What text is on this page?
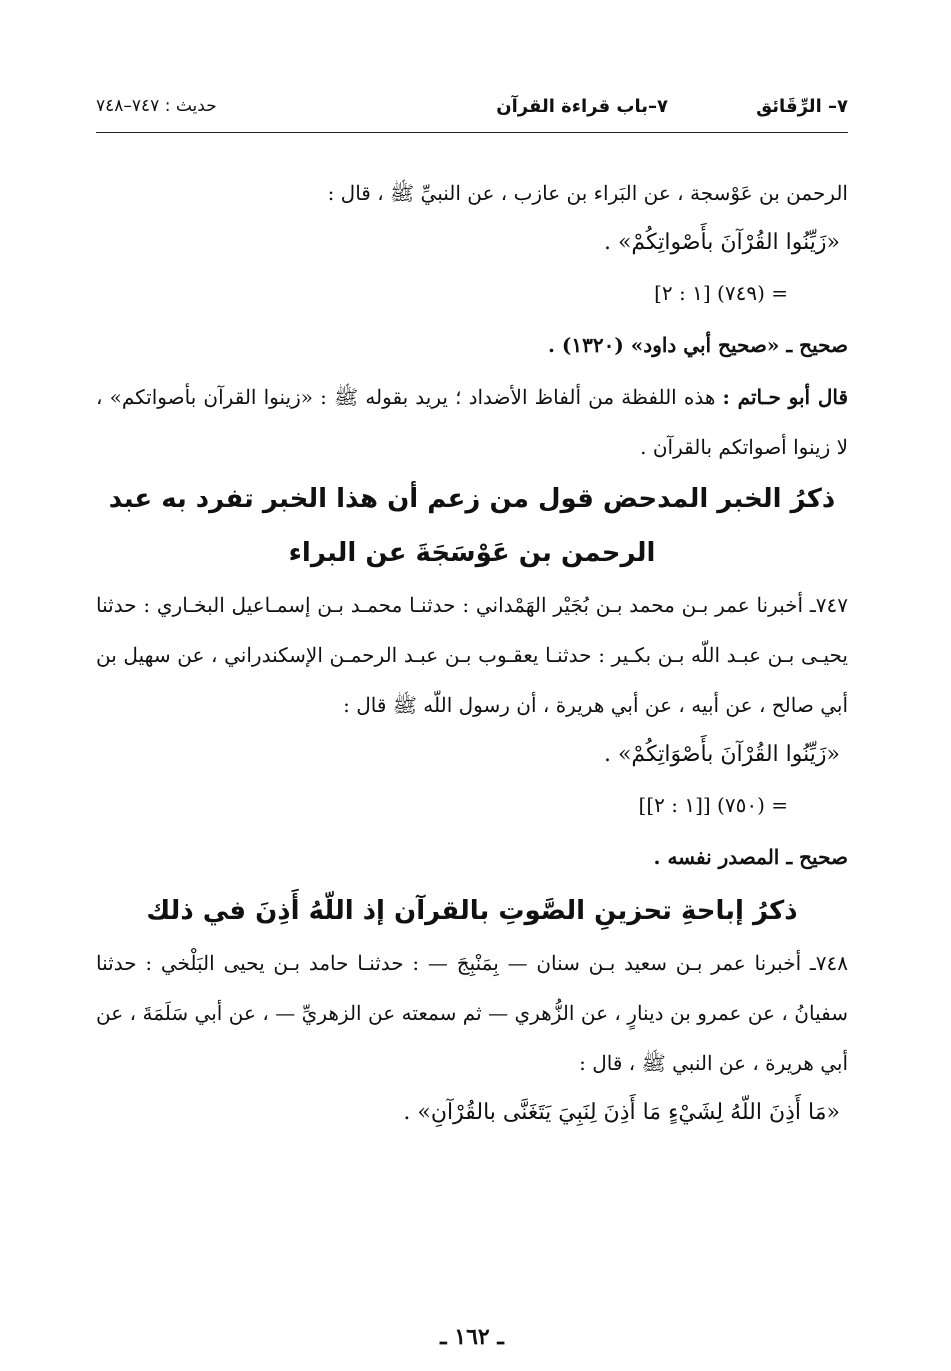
٧– الرِّقَائق
٧–باب قراءة القرآن
حديث : ٧٤٧–٧٤٨

الرحمن بن عَوْسجة ، عن البَراء بن عازب ، عن النبيِّ ﷺ ، قال :

«زَيِّنُوا القُرْآنَ بأَصْواتِكُمْ» .

= (٧٤٩) [١ : ٢]

صحيح ـ «صحيح أبي داود» (١٣٢٠) .

قال أبو حـاتم : هذه اللفظة من ألفاظ الأضداد ؛ يريد بقوله ﷺ : «زينوا القرآن بأصواتكم» ، لا زينوا أصواتكم بالقرآن .

ذكرُ الخبر المدحض قول من زعم أن هذا الخبر تفرد به عبد

الرحمن بن عَوْسَجَةَ عن البراء

٧٤٧ـ أخبرنا عمر بـن محمد بـن بُجَيْر الهَمْداني : حدثنـا محمـد بـن إسمـاعيل البخـاري : حدثنا يحيـى بـن عبـد اللّه بـن بكـير : حدثنـا يعقـوب بـن عبـد الرحمـن الإسكندراني ، عن سهيل بن أبي صالح ، عن أبيه ، عن أبي هريرة ، أن رسول اللّه ﷺ قال :

«زَيِّنُوا القُرْآنَ بأَصْوَاتِكُمْ» .

= (٧٥٠) [[١ : ٢]]

صحيح ـ المصدر نفسه .

ذكرُ إباحةِ تحزينِ الصَّوتِ بالقرآن إذ اللّهُ أَذِنَ في ذلك

٧٤٨ـ أخبرنا عمر بـن سعيد بـن سنان — بِمَنْبِجَ — : حدثنـا حامد بـن يحيى البَلْخي : حدثنا سفيانُ ، عن عمرو بن دينارٍ ، عن الزُّهري — ثم سمعته عن الزهريِّ — ، عن أبي سَلَمَةَ ، عن أبي هريرة ، عن النبي ﷺ ، قال :

«مَا أَذِنَ اللّهُ لِشَيْءٍ مَا أَذِنَ لِنَبِيَ يَتَغَنَّى بالقُرْآنِ» .

ـ ١٦٢ ـ
